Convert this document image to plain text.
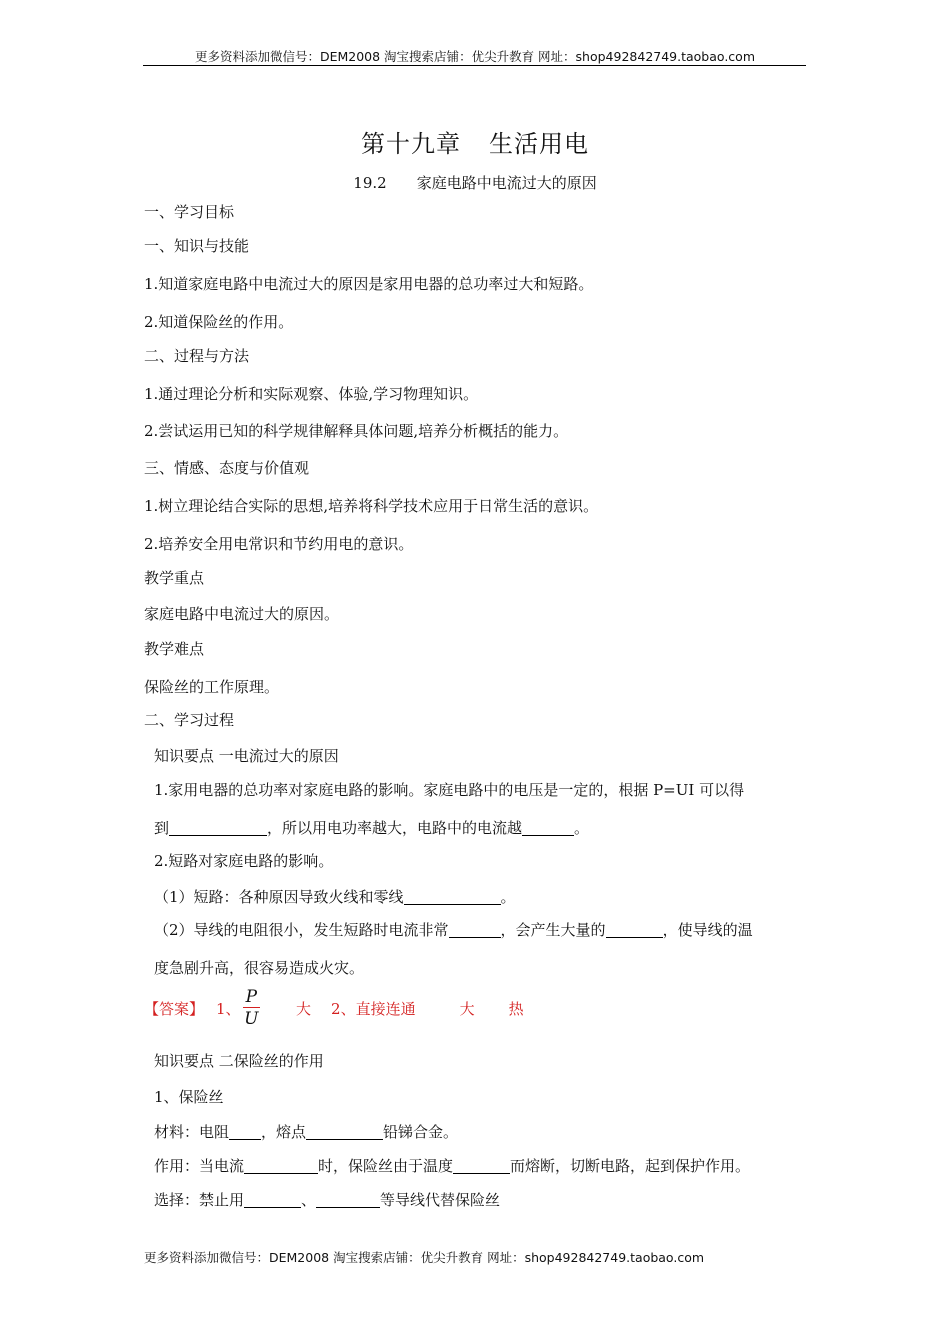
更多资料添加微信号：DEM2008 淘宝搜索店铺：优尖升教育 网址：shop492842749.taobao.com
第十九章 生活用电
19.2 家庭电路中电流过大的原因
一、学习目标
一、知识与技能
1.知道家庭电路中电流过大的原因是家用电器的总功率过大和短路。
2.知道保险丝的作用。
二、过程与方法
1.通过理论分析和实际观察、体验,学习物理知识。
2.尝试运用已知的科学规律解释具体问题,培养分析概括的能力。
三、情感、态度与价值观
1.树立理论结合实际的思想,培养将科学技术应用于日常生活的意识。
2.培养安全用电常识和节约用电的意识。
教学重点
家庭电路中电流过大的原因。
教学难点
保险丝的工作原理。
二、学习过程
知识要点 一电流过大的原因
1.家用电器的总功率对家庭电路的影响。家庭电路中的电压是一定的，根据 P=UI 可以得
到	，所以用电功率越大，电路中的电流越	。
2.短路对家庭电路的影响。
（1）短路：各种原因导致火线和零线	。
（2）导线的电阻很小，发生短路时电流非常	，会产生大量的	，使导线的温
度急剧升高，很容易造成火灾。
【答案】 1、 $\frac{P}{U}$ 大 2、直接连通	大 热
知识要点 二保险丝的作用
1、保险丝
材料：电阻 ，熔点	铅锑合金。
作用：当电流	时，保险丝由于温度	而熔断，切断电路，起到保护作用。
选择：禁止用	、	等导线代替保险丝
更多资料添加微信号：DEM2008 淘宝搜索店铺：优尖升教育 网址：shop492842749.taobao.com
